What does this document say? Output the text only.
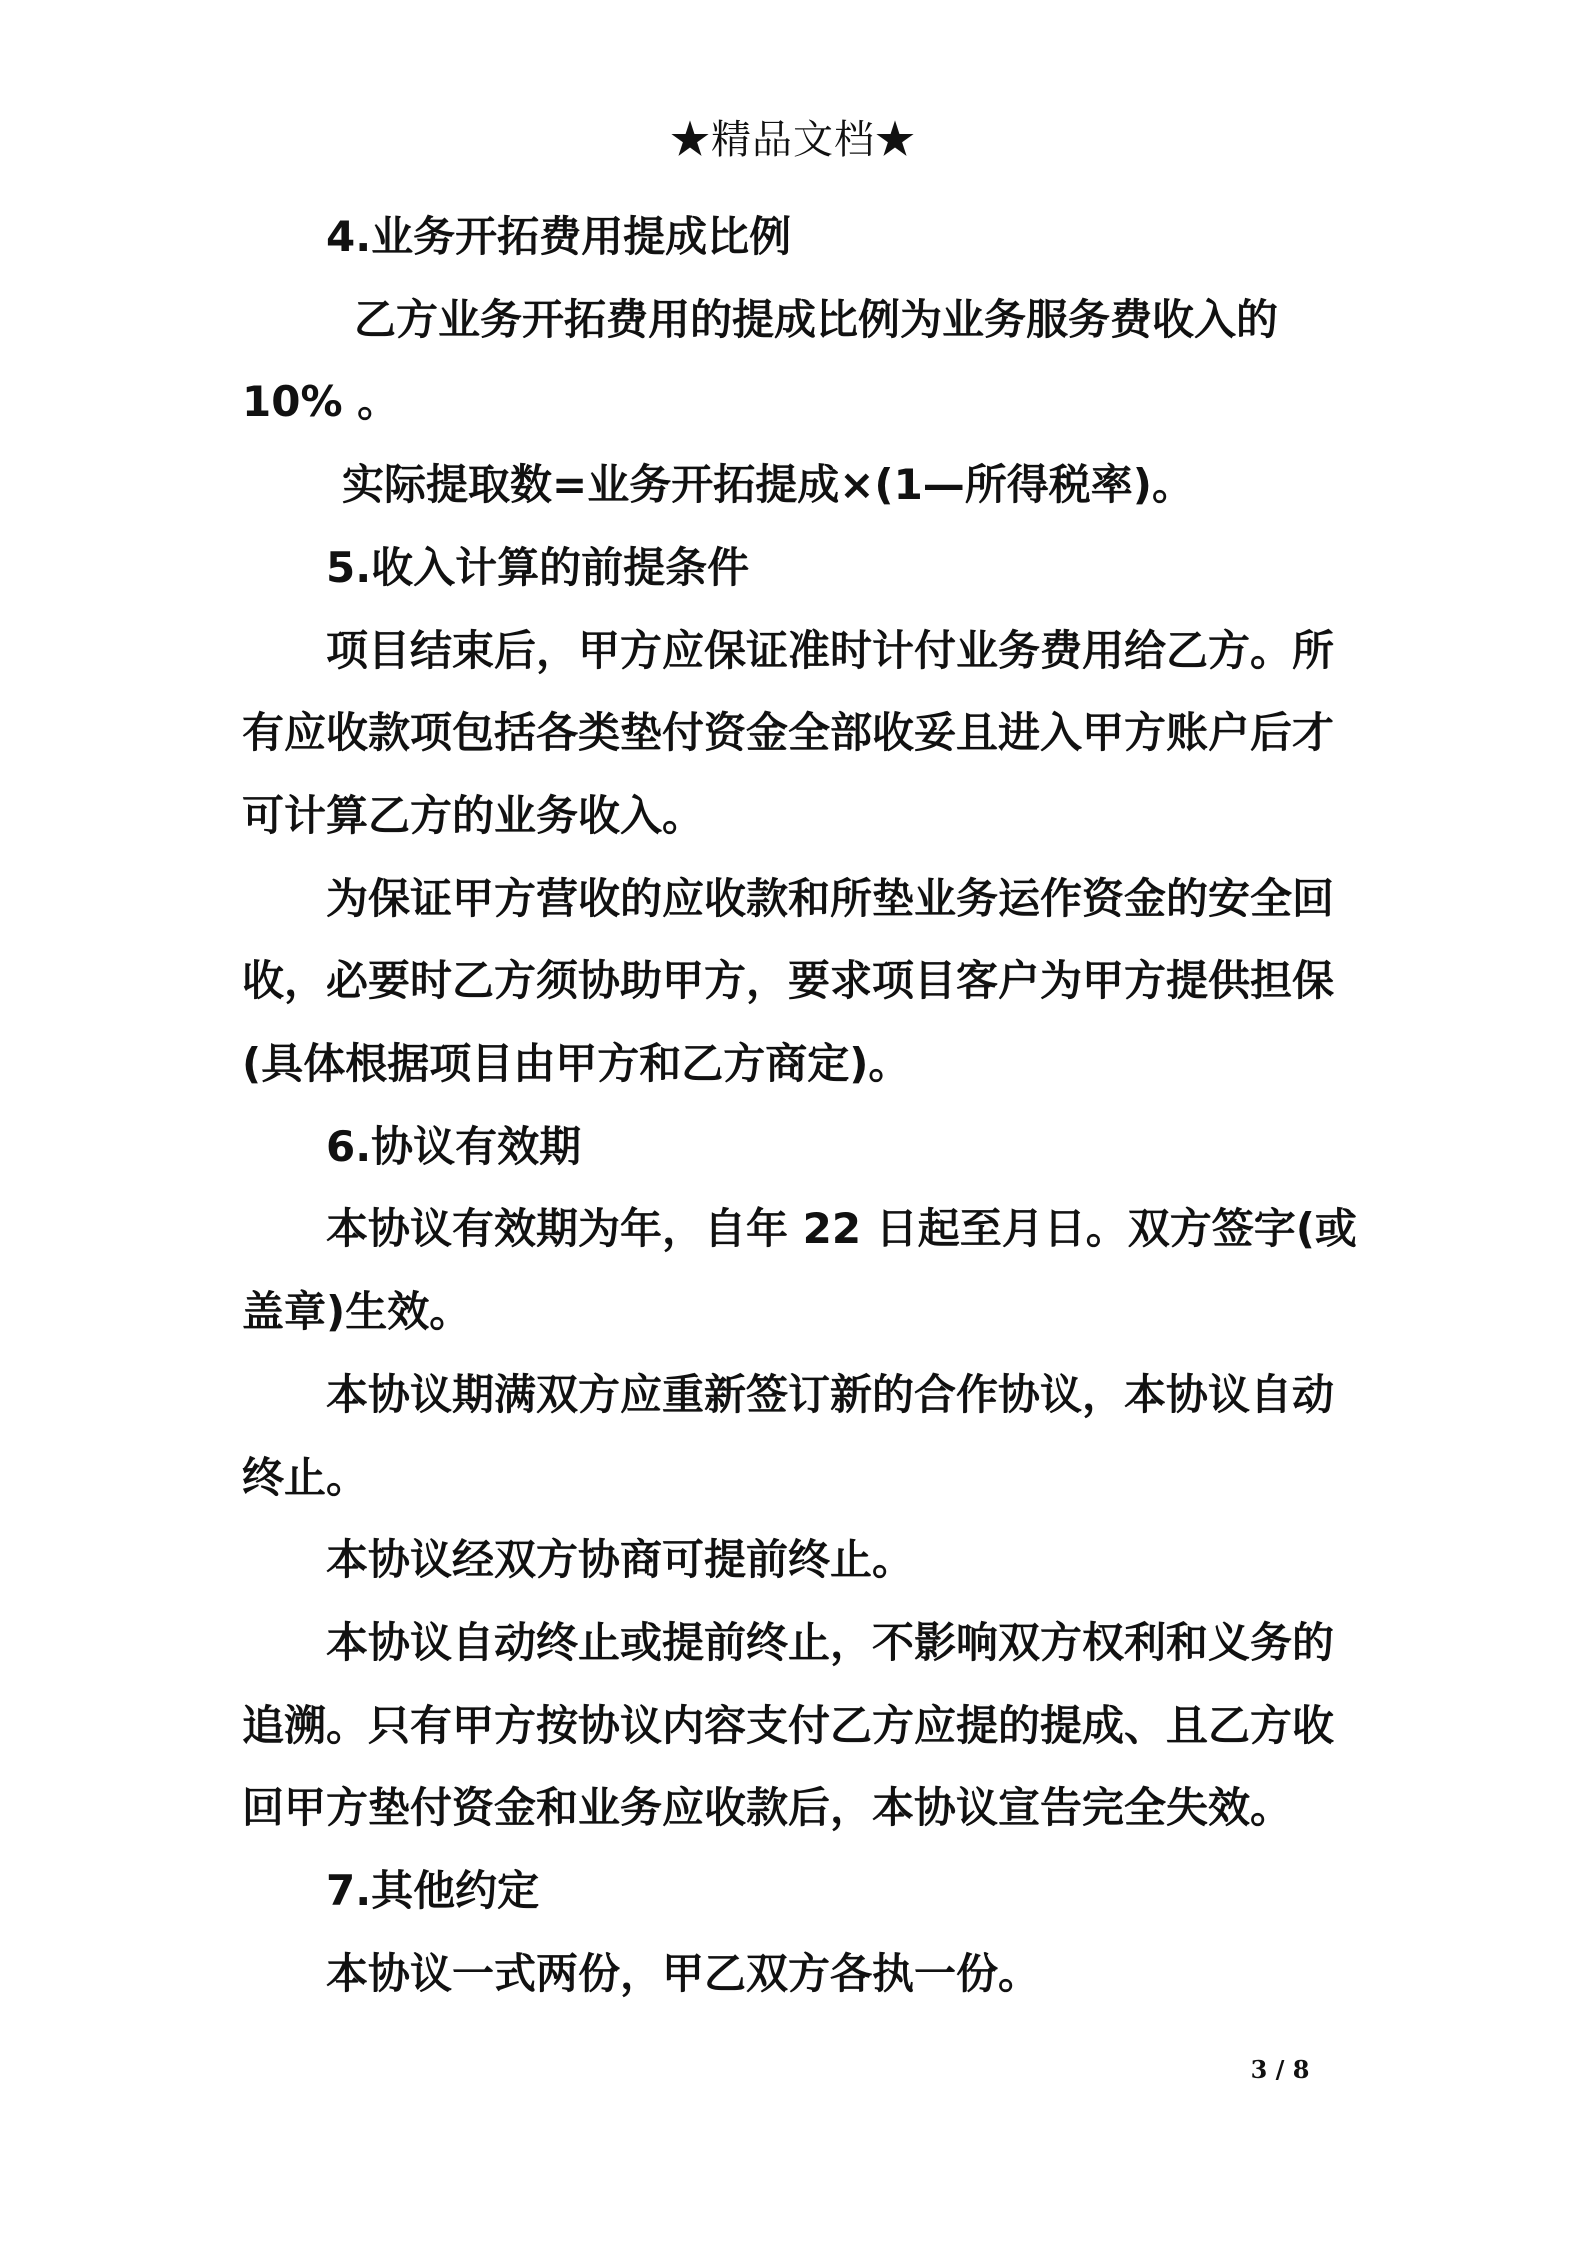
★精品文档★

4.业务开拓费用提成比例

乙方业务开拓费用的提成比例为业务服务费收入的10% 。

实际提取数=业务开拓提成×(1—所得税率)。

5.收入计算的前提条件

项目结束后，甲方应保证准时计付业务费用给乙方。所有应收款项包括各类垫付资金全部收妥且进入甲方账户后才可计算乙方的业务收入。

为保证甲方营收的应收款和所垫业务运作资金的安全回收，必要时乙方须协助甲方，要求项目客户为甲方提供担保(具体根据项目由甲方和乙方商定)。

6.协议有效期

本协议有效期为年，自年 22 日起至月日。双方签字(或盖章)生效。

本协议期满双方应重新签订新的合作协议，本协议自动终止。

本协议经双方协商可提前终止。

本协议自动终止或提前终止，不影响双方权利和义务的追溯。只有甲方按协议内容支付乙方应提的提成、且乙方收回甲方垫付资金和业务应收款后，本协议宣告完全失效。

7.其他约定

本协议一式两份，甲乙双方各执一份。

3 / 8
